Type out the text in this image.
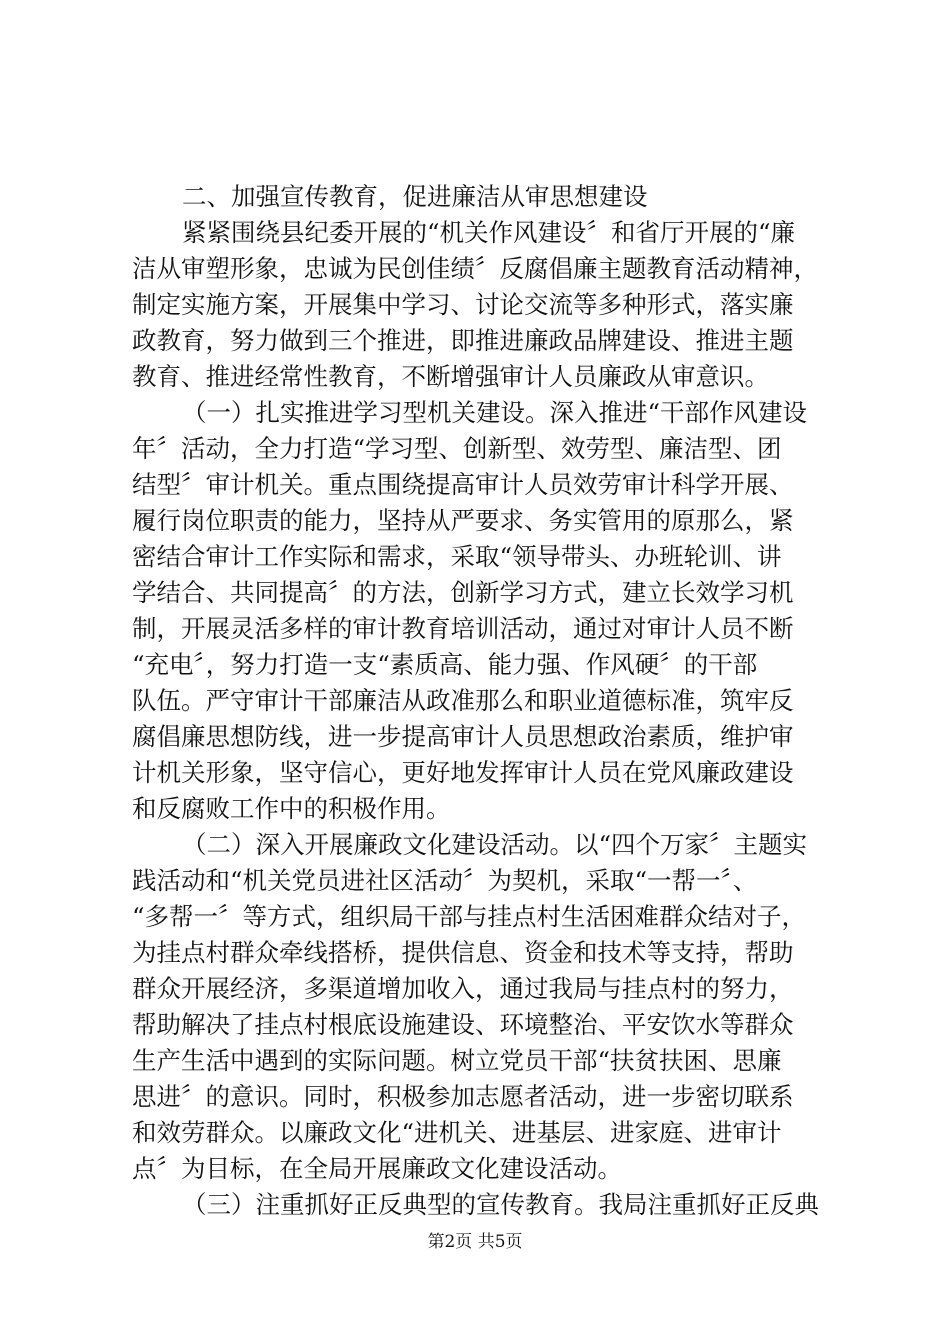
二、加强宣传教育，促进廉洁从审思想建设
紧紧围绕县纪委开展的“机关作风建设〞和省厅开展的“廉
洁从审塑形象，忠诚为民创佳绩〞反腐倡廉主题教育活动精神，
制定实施方案，开展集中学习、讨论交流等多种形式，落实廉
政教育，努力做到三个推进，即推进廉政品牌建设、推进主题
教育、推进经常性教育，不断增强审计人员廉政从审意识。
（一）扎实推进学习型机关建设。深入推进“干部作风建设
年〞活动，全力打造“学习型、创新型、效劳型、廉洁型、团
结型〞审计机关。重点围绕提高审计人员效劳审计科学开展、
履行岗位职责的能力，坚持从严要求、务实管用的原那么，紧
密结合审计工作实际和需求，采取“领导带头、办班轮训、讲
学结合、共同提高〞的方法，创新学习方式，建立长效学习机
制，开展灵活多样的审计教育培训活动，通过对审计人员不断
“充电〞，努力打造一支“素质高、能力强、作风硬〞的干部
队伍。严守审计干部廉洁从政准那么和职业道德标准，筑牢反
腐倡廉思想防线，进一步提高审计人员思想政治素质，维护审
计机关形象，坚守信心，更好地发挥审计人员在党风廉政建设
和反腐败工作中的积极作用。
（二）深入开展廉政文化建设活动。以“四个万家〞主题实
践活动和“机关党员进社区活动〞为契机，采取“一帮一〞、
“多帮一〞等方式，组织局干部与挂点村生活困难群众结对子，
为挂点村群众牵线搭桥，提供信息、资金和技术等支持，帮助
群众开展经济，多渠道增加收入，通过我局与挂点村的努力，
帮助解决了挂点村根底设施建设、环境整治、平安饮水等群众
生产生活中遇到的实际问题。树立党员干部“扶贫扶困、思廉
思进〞的意识。同时，积极参加志愿者活动，进一步密切联系
和效劳群众。以廉政文化“进机关、进基层、进家庭、进审计
点〞为目标，在全局开展廉政文化建设活动。
（三）注重抓好正反典型的宣传教育。我局注重抓好正反典
第2页 共5页
